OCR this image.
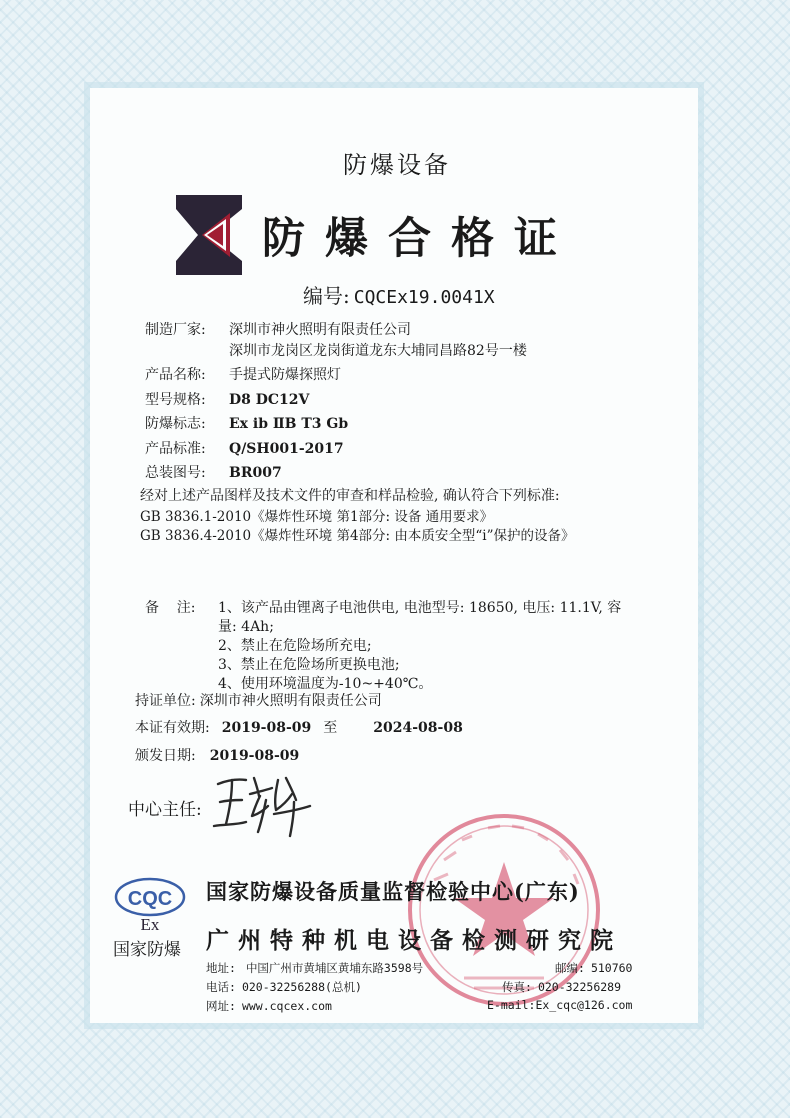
防爆设备
防爆合格证
编号: CQCEx19.0041X
制造厂家: 深圳市神火照明有限责任公司
深圳市龙岗区龙岗街道龙东大埔同昌路82号一楼
产品名称: 手提式防爆探照灯
型号规格: D8 DC12V
防爆标志: Ex ib ⅡB T3 Gb
产品标准: Q/SH001-2017
总装图号: BR007
经对上述产品图样及技术文件的审查和样品检验, 确认符合下列标准:
GB 3836.1-2010《爆炸性环境 第1部分: 设备 通用要求》
GB 3836.4-2010《爆炸性环境 第4部分: 由本质安全型“i”保护的设备》
备    注: 1、该产品由锂离子电池供电, 电池型号: 18650, 电压: 11.1V, 容
量: 4Ah;
2、禁止在危险场所充电;
3、禁止在危险场所更换电池;
4、使用环境温度为-10~+40℃。
持证单位: 深圳市神火照明有限责任公司
本证有效期: 2019-08-09 至	2024-08-08
颁发日期: 2019-08-09
中心主任:
CQC
Ex
国家防爆
国家防爆设备质量监督检验中心(广东)
广州特种机电设备检测研究院
地址: 中国广州市黄埔区黄埔东路3598号	邮编: 510760
电话: 020-32256288(总机)	传真: 020-32256289
网址: www.cqcex.com	E-mail:Ex_cqc@126.com
